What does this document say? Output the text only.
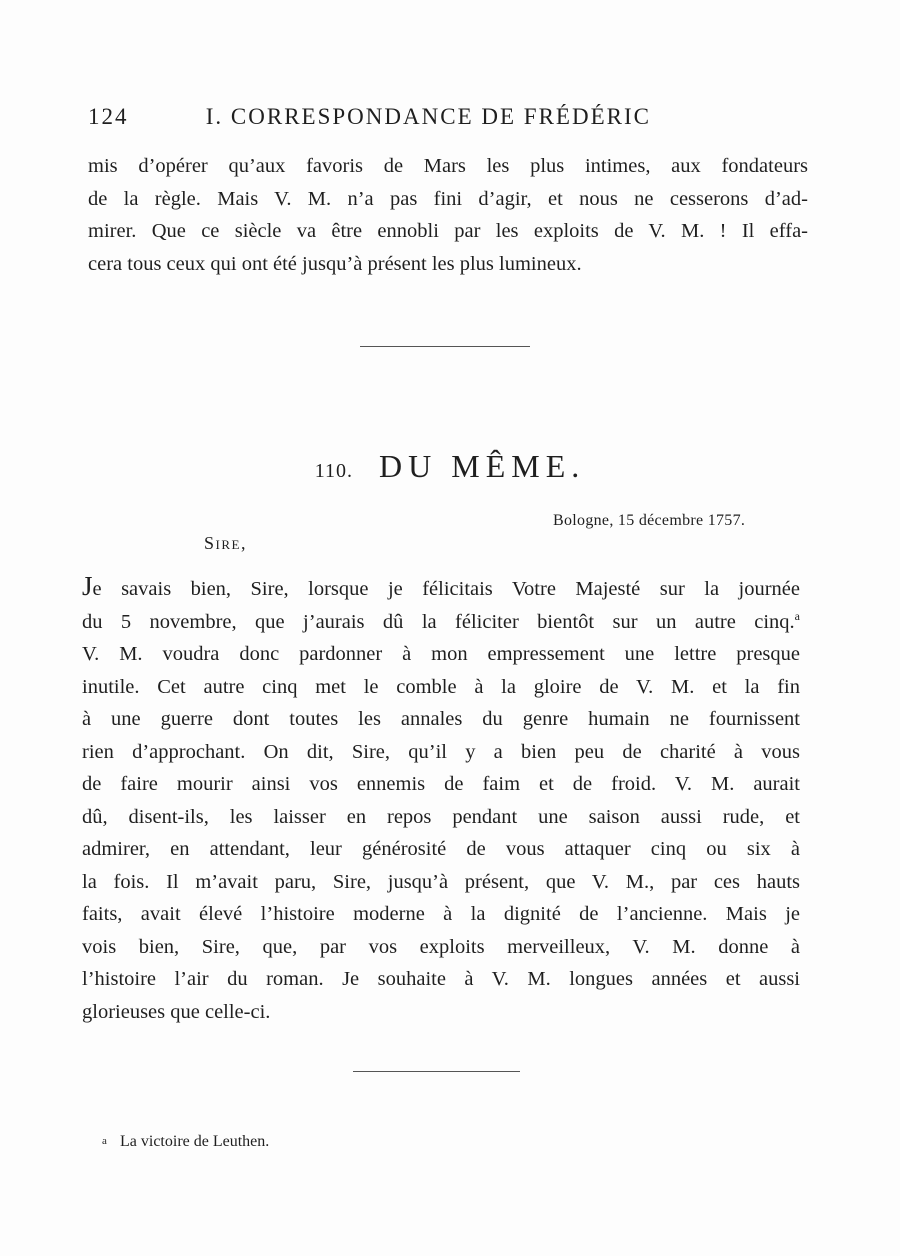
124	I. CORRESPONDANCE DE FRÉDÉRIC
mis d’opérer qu’aux favoris de Mars les plus intimes, aux fondateurs
de la règle. Mais V. M. n’a pas fini d’agir, et nous ne cesserons d’ad-
mirer. Que ce siècle va être ennobli par les exploits de V. M. ! Il effa-
cera tous ceux qui ont été jusqu’à présent les plus lumineux.
110. DU MÊME.
Bologne, 15 décembre 1757.
Sire,
Je savais bien, Sire, lorsque je félicitais Votre Majesté sur la journée
du 5 novembre, que j’aurais dû la féliciter bientôt sur un autre cinq.$^a$
V. M. voudra donc pardonner à mon empressement une lettre presque
inutile. Cet autre cinq met le comble à la gloire de V. M. et la fin
à une guerre dont toutes les annales du genre humain ne fournissent
rien d’approchant. On dit, Sire, qu’il y a bien peu de charité à vous
de faire mourir ainsi vos ennemis de faim et de froid. V. M. aurait
dû, disent-ils, les laisser en repos pendant une saison aussi rude, et
admirer, en attendant, leur générosité de vous attaquer cinq ou six à
la fois. Il m’avait paru, Sire, jusqu’à présent, que V. M., par ces hauts
faits, avait élevé l’histoire moderne à la dignité de l’ancienne. Mais je
vois bien, Sire, que, par vos exploits merveilleux, V. M. donne à
l’histoire l’air du roman. Je souhaite à V. M. longues années et aussi
glorieuses que celle-ci.
a La victoire de Leuthen.
